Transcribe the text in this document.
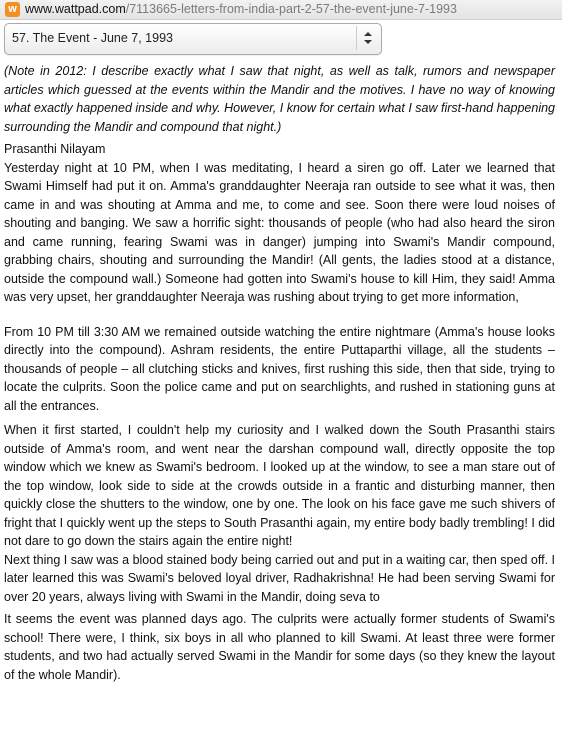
w www.wattpad.com/7113665-letters-from-india-part-2-57-the-event-june-7-1993
57. The Event - June 7, 1993

(Note in 2012: I describe exactly what I saw that night, as well as talk, rumors and newspaper articles which guessed at the events within the Mandir and the motives. I have no way of knowing what exactly happened inside and why. However, I know for certain what I saw first-hand happening surrounding the Mandir and compound that night.)

Prasanthi Nilayam

Yesterday night at 10 PM, when I was meditating, I heard a siren go off. Later we learned that Swami Himself had put it on. Amma's granddaughter Neeraja ran outside to see what it was, then came in and was shouting at Amma and me, to come and see. Soon there were loud noises of shouting and banging. We saw a horrific sight: thousands of people (who had also heard the siron and came running, fearing Swami was in danger) jumping into Swami's Mandir compound, grabbing chairs, shouting and surrounding the Mandir! (All gents, the ladies stood at a distance, outside the compound wall.) Someone had gotten into Swami's house to kill Him, they said! Amma was very upset, her granddaughter Neeraja was rushing about trying to get more information,

From 10 PM till 3:30 AM we remained outside watching the entire nightmare (Amma's house looks directly into the compound). Ashram residents, the entire Puttaparthi village, all the students – thousands of people – all clutching sticks and knives, first rushing this side, then that side, trying to locate the culprits. Soon the police came and put on searchlights, and rushed in stationing guns at all the entrances.

When it first started, I couldn't help my curiosity and I walked down the South Prasanthi stairs outside of Amma's room, and went near the darshan compound wall, directly opposite the top window which we knew as Swami's bedroom. I looked up at the window, to see a man stare out of the top window, look side to side at the crowds outside in a frantic and disturbing manner, then quickly close the shutters to the window, one by one. The look on his face gave me such shivers of fright that I quickly went up the steps to South Prasanthi again, my entire body badly trembling! I did not dare to go down the stairs again the entire night!

Next thing I saw was a blood stained body being carried out and put in a waiting car, then sped off. I later learned this was Swami's beloved loyal driver, Radhakrishna! He had been serving Swami for over 20 years, always living with Swami in the Mandir, doing seva to

It seems the event was planned days ago. The culprits were actually former students of Swami's school! There were, I think, six boys in all who planned to kill Swami. At least three were former students, and two had actually served Swami in the Mandir for some days (so they knew the layout of the whole Mandir).
